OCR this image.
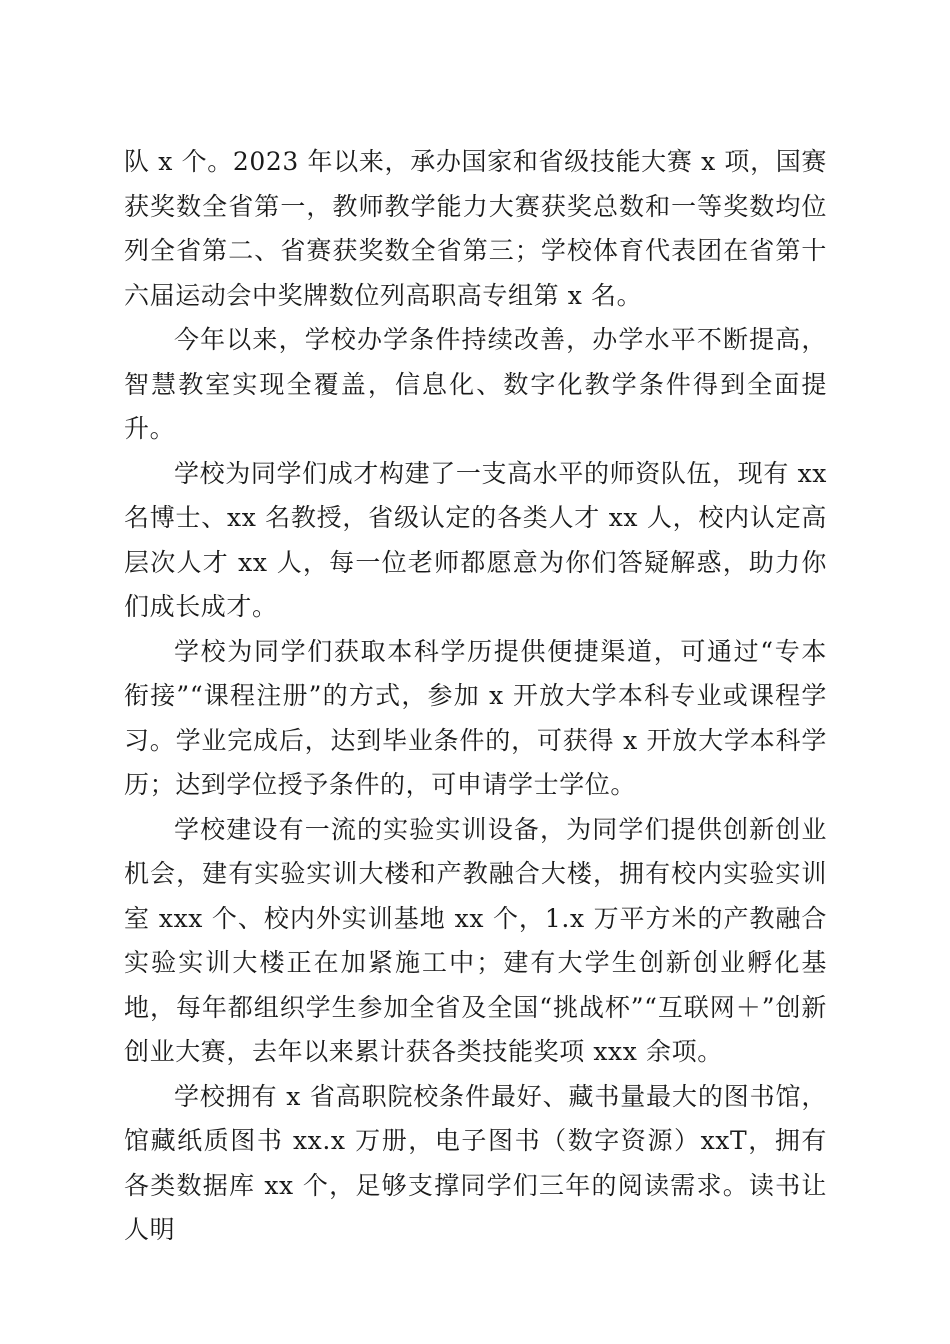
队 x 个。2023 年以来，承办国家和省级技能大赛 x 项，国赛获奖数全省第一，教师教学能力大赛获奖总数和一等奖数均位列全省第二、省赛获奖数全省第三；学校体育代表团在省第十六届运动会中奖牌数位列高职高专组第 x 名。

今年以来，学校办学条件持续改善，办学水平不断提高，智慧教室实现全覆盖，信息化、数字化教学条件得到全面提升。

学校为同学们成才构建了一支高水平的师资队伍，现有 xx 名博士、xx 名教授，省级认定的各类人才 xx 人，校内认定高层次人才 xx 人，每一位老师都愿意为你们答疑解惑，助力你们成长成才。

学校为同学们获取本科学历提供便捷渠道，可通过“专本衔接”“课程注册”的方式，参加 x 开放大学本科专业或课程学习。学业完成后，达到毕业条件的，可获得 x 开放大学本科学历；达到学位授予条件的，可申请学士学位。

学校建设有一流的实验实训设备，为同学们提供创新创业机会，建有实验实训大楼和产教融合大楼，拥有校内实验实训室 xxx 个、校内外实训基地 xx 个，1.x 万平方米的产教融合实验实训大楼正在加紧施工中；建有大学生创新创业孵化基地，每年都组织学生参加全省及全国“挑战杯”“互联网＋”创新创业大赛，去年以来累计获各类技能奖项 xxx 余项。

学校拥有 x 省高职院校条件最好、藏书量最大的图书馆，馆藏纸质图书 xx.x 万册，电子图书（数字资源）xxT，拥有各类数据库 xx 个，足够支撑同学们三年的阅读需求。读书让人明
